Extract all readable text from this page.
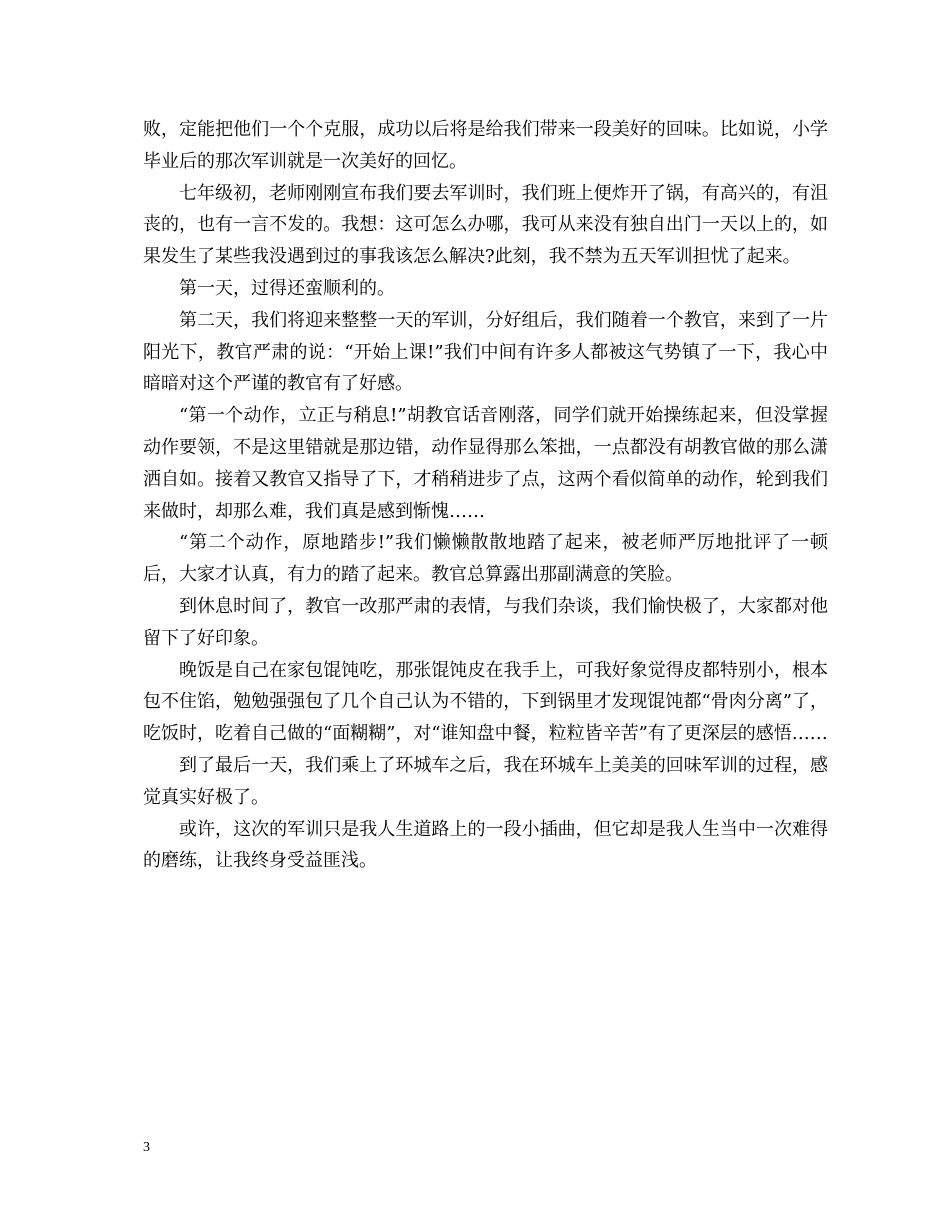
败，定能把他们一个个克服，成功以后将是给我们带来一段美好的回味。比如说，小学毕业后的那次军训就是一次美好的回忆。

七年级初，老师刚刚宣布我们要去军训时，我们班上便炸开了锅，有高兴的，有沮丧的，也有一言不发的。我想：这可怎么办哪，我可从来没有独自出门一天以上的，如果发生了某些我没遇到过的事我该怎么解决?此刻，我不禁为五天军训担忧了起来。

第一天，过得还蛮顺利的。

第二天，我们将迎来整整一天的军训，分好组后，我们随着一个教官，来到了一片阳光下，教官严肃的说：“开始上课!”我们中间有许多人都被这气势镇了一下，我心中暗暗对这个严谨的教官有了好感。

“第一个动作，立正与稍息!”胡教官话音刚落，同学们就开始操练起来，但没掌握动作要领，不是这里错就是那边错，动作显得那么笨拙，一点都没有胡教官做的那么潇洒自如。接着又教官又指导了下，才稍稍进步了点，这两个看似简单的动作，轮到我们来做时，却那么难，我们真是感到惭愧……

“第二个动作，原地踏步!”我们懒懒散散地踏了起来，被老师严厉地批评了一顿后，大家才认真，有力的踏了起来。教官总算露出那副满意的笑脸。

到休息时间了，教官一改那严肃的表情，与我们杂谈，我们愉快极了，大家都对他留下了好印象。

晚饭是自己在家包馄饨吃，那张馄饨皮在我手上，可我好象觉得皮都特别小，根本包不住馅，勉勉强强包了几个自己认为不错的，下到锅里才发现馄饨都“骨肉分离”了，吃饭时，吃着自己做的“面糊糊”，对“谁知盘中餐，粒粒皆辛苦”有了更深层的感悟……

到了最后一天，我们乘上了环城车之后，我在环城车上美美的回味军训的过程，感觉真实好极了。

或许，这次的军训只是我人生道路上的一段小插曲，但它却是我人生当中一次难得的磨练，让我终身受益匪浅。

3
